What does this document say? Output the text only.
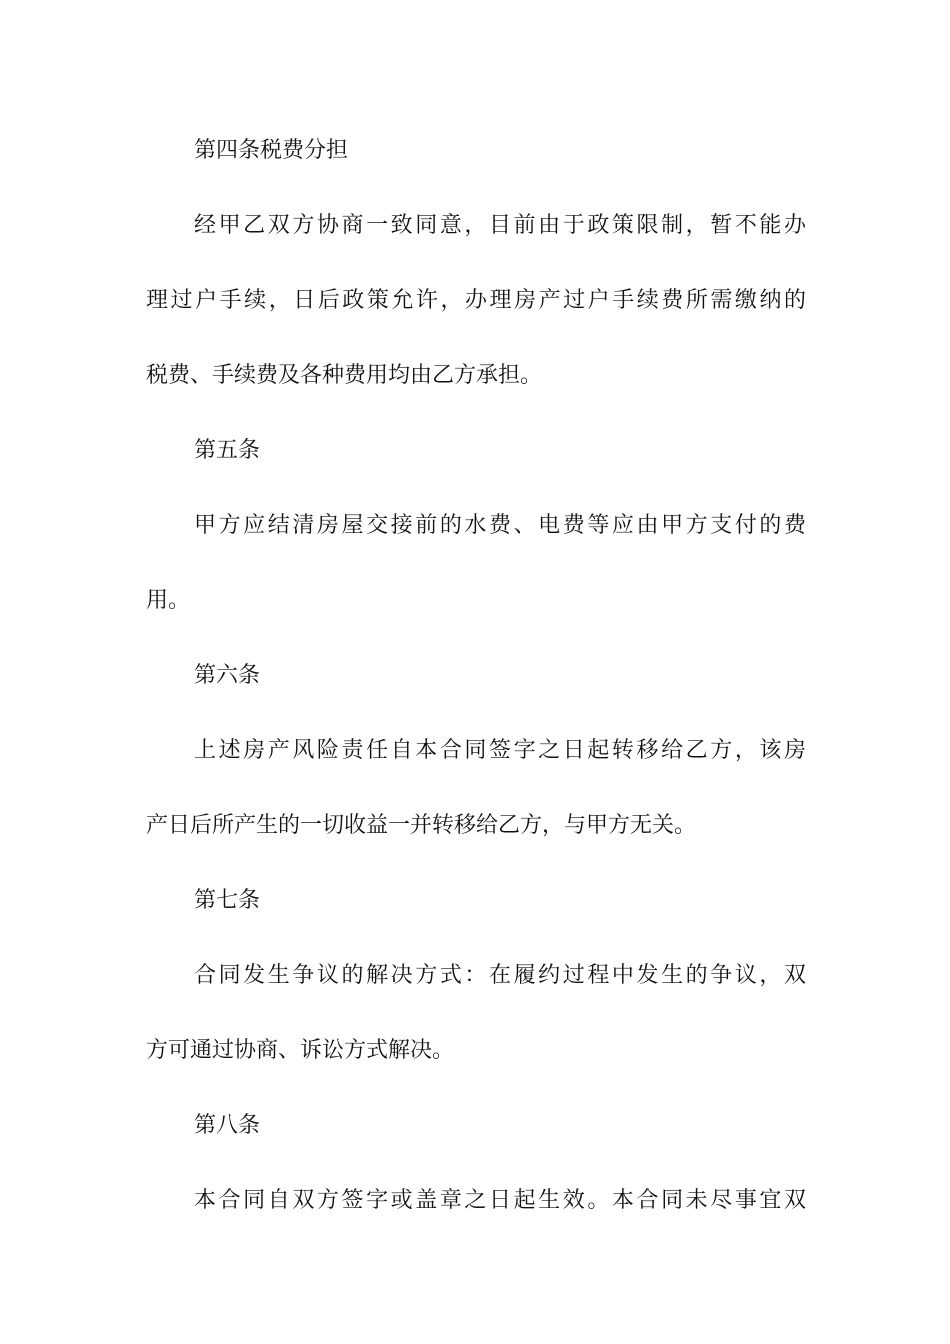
第四条税费分担
经甲乙双方协商一致同意，目前由于政策限制，暂不能办
理过户手续，日后政策允许，办理房产过户手续费所需缴纳的
税费、手续费及各种费用均由乙方承担。
第五条
甲方应结清房屋交接前的水费、电费等应由甲方支付的费
用。
第六条
上述房产风险责任自本合同签字之日起转移给乙方，该房
产日后所产生的一切收益一并转移给乙方，与甲方无关。
第七条
合同发生争议的解决方式：在履约过程中发生的争议，双
方可通过协商、诉讼方式解决。
第八条
本合同自双方签字或盖章之日起生效。本合同未尽事宜双
